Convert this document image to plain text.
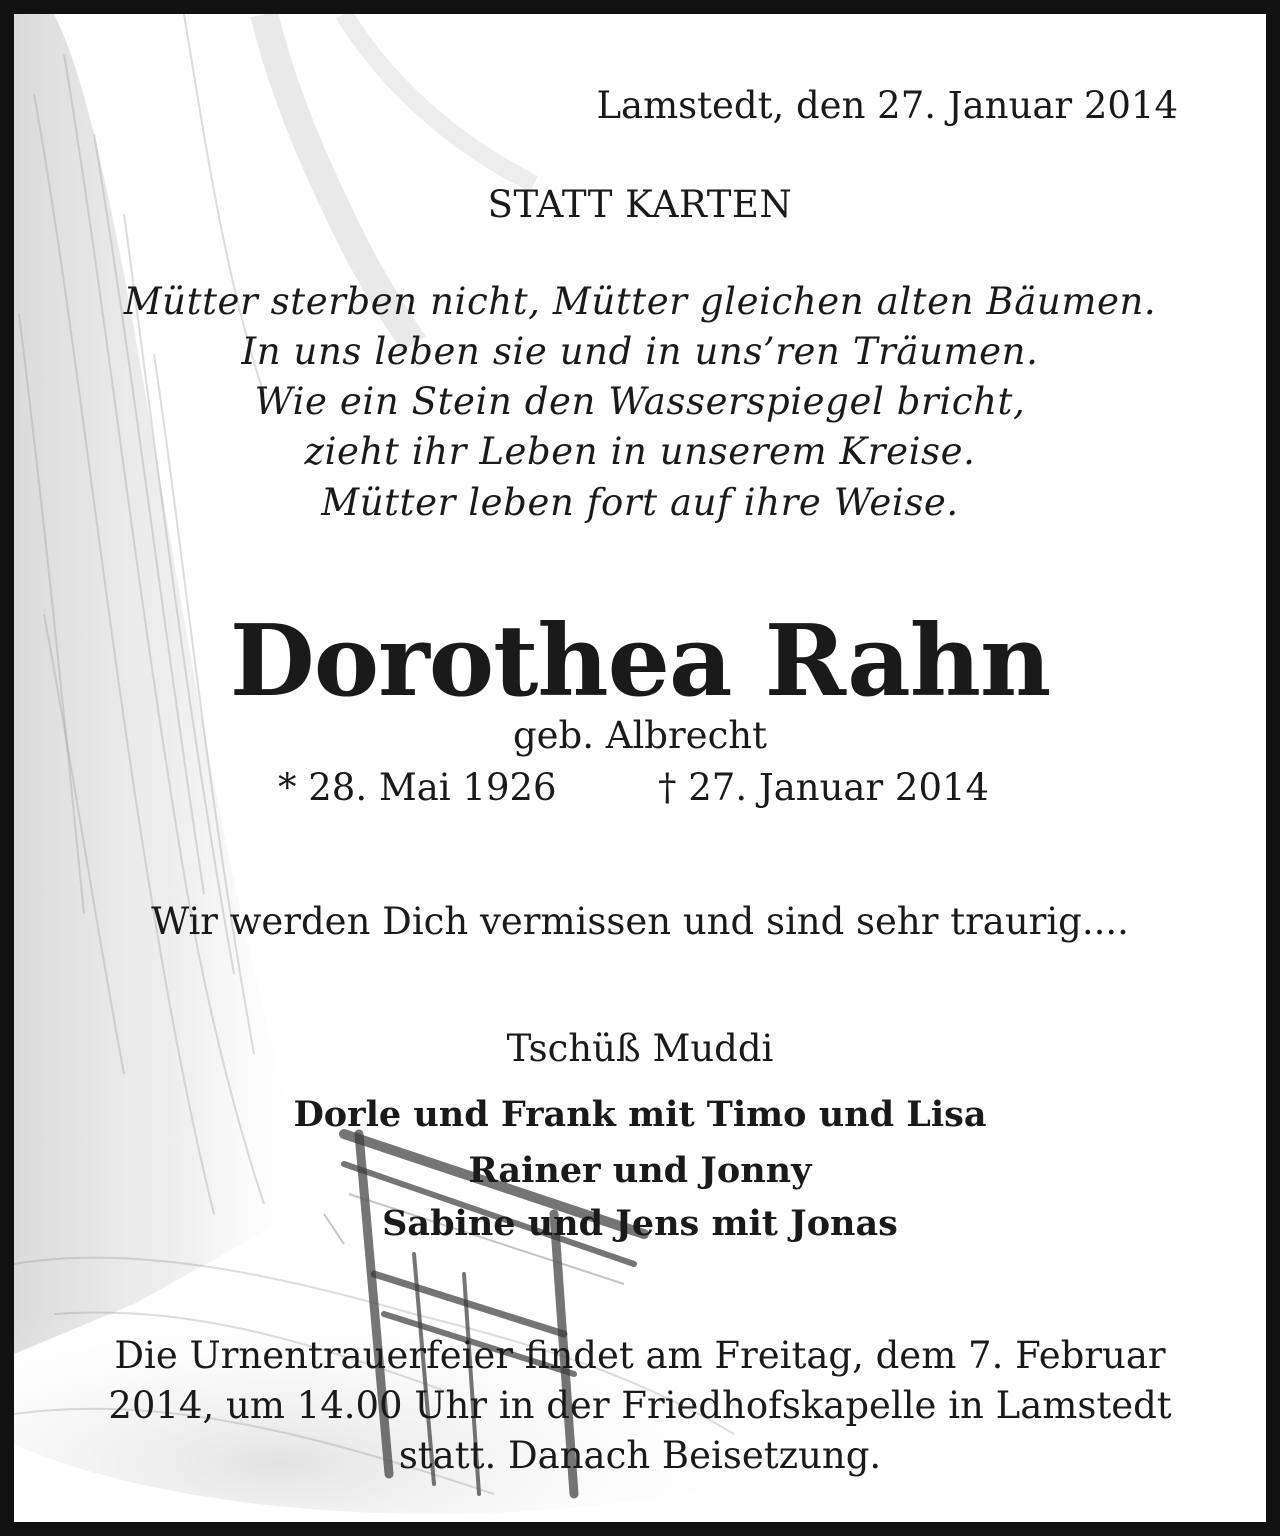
Lamstedt, den 27. Januar 2014
STATT KARTEN
Mütter sterben nicht, Mütter gleichen alten Bäumen.
In uns leben sie und in uns’ren Träumen.
Wie ein Stein den Wasserspiegel bricht,
zieht ihr Leben in unserem Kreise.
Mütter leben fort auf ihre Weise.
Dorothea Rahn
geb. Albrecht
* 28. Mai 1926	† 27. Januar 2014
Wir werden Dich vermissen und sind sehr traurig....
Tschüß Muddi
Dorle und Frank mit Timo und Lisa
Rainer und Jonny
Sabine und Jens mit Jonas
Die Urnentrauerfeier findet am Freitag, dem 7. Februar
2014, um 14.00 Uhr in der Friedhofskapelle in Lamstedt
statt. Danach Beisetzung.
